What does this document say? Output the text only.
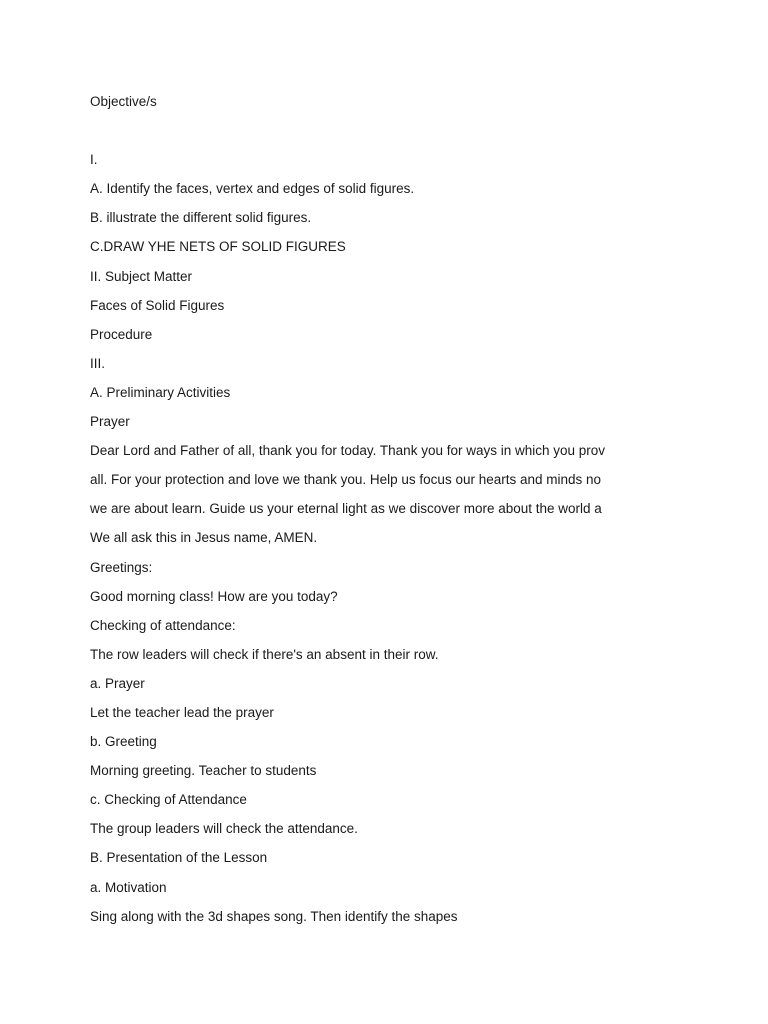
Objective/s
I.
A. Identify the faces, vertex and edges of solid figures.
B. illustrate the different solid figures.
C.DRAW YHE NETS OF SOLID FIGURES
II. Subject Matter
Faces of Solid Figures
Procedure
III.
A. Preliminary Activities
Prayer
Dear Lord and Father of all, thank you for today. Thank you for ways in which you prov
all. For your protection and love we thank you. Help us focus our hearts and minds no
we are about learn. Guide us your eternal light as we discover more about the world a
We all ask this in Jesus name, AMEN.
Greetings:
Good morning class! How are you today?
Checking of attendance:
The row leaders will check if there's an absent in their row.
a. Prayer
Let the teacher lead the prayer
b. Greeting
Morning greeting. Teacher to students
c. Checking of Attendance
The group leaders will check the attendance.
B. Presentation of the Lesson
a. Motivation
Sing along with the 3d shapes song. Then identify the shapes
